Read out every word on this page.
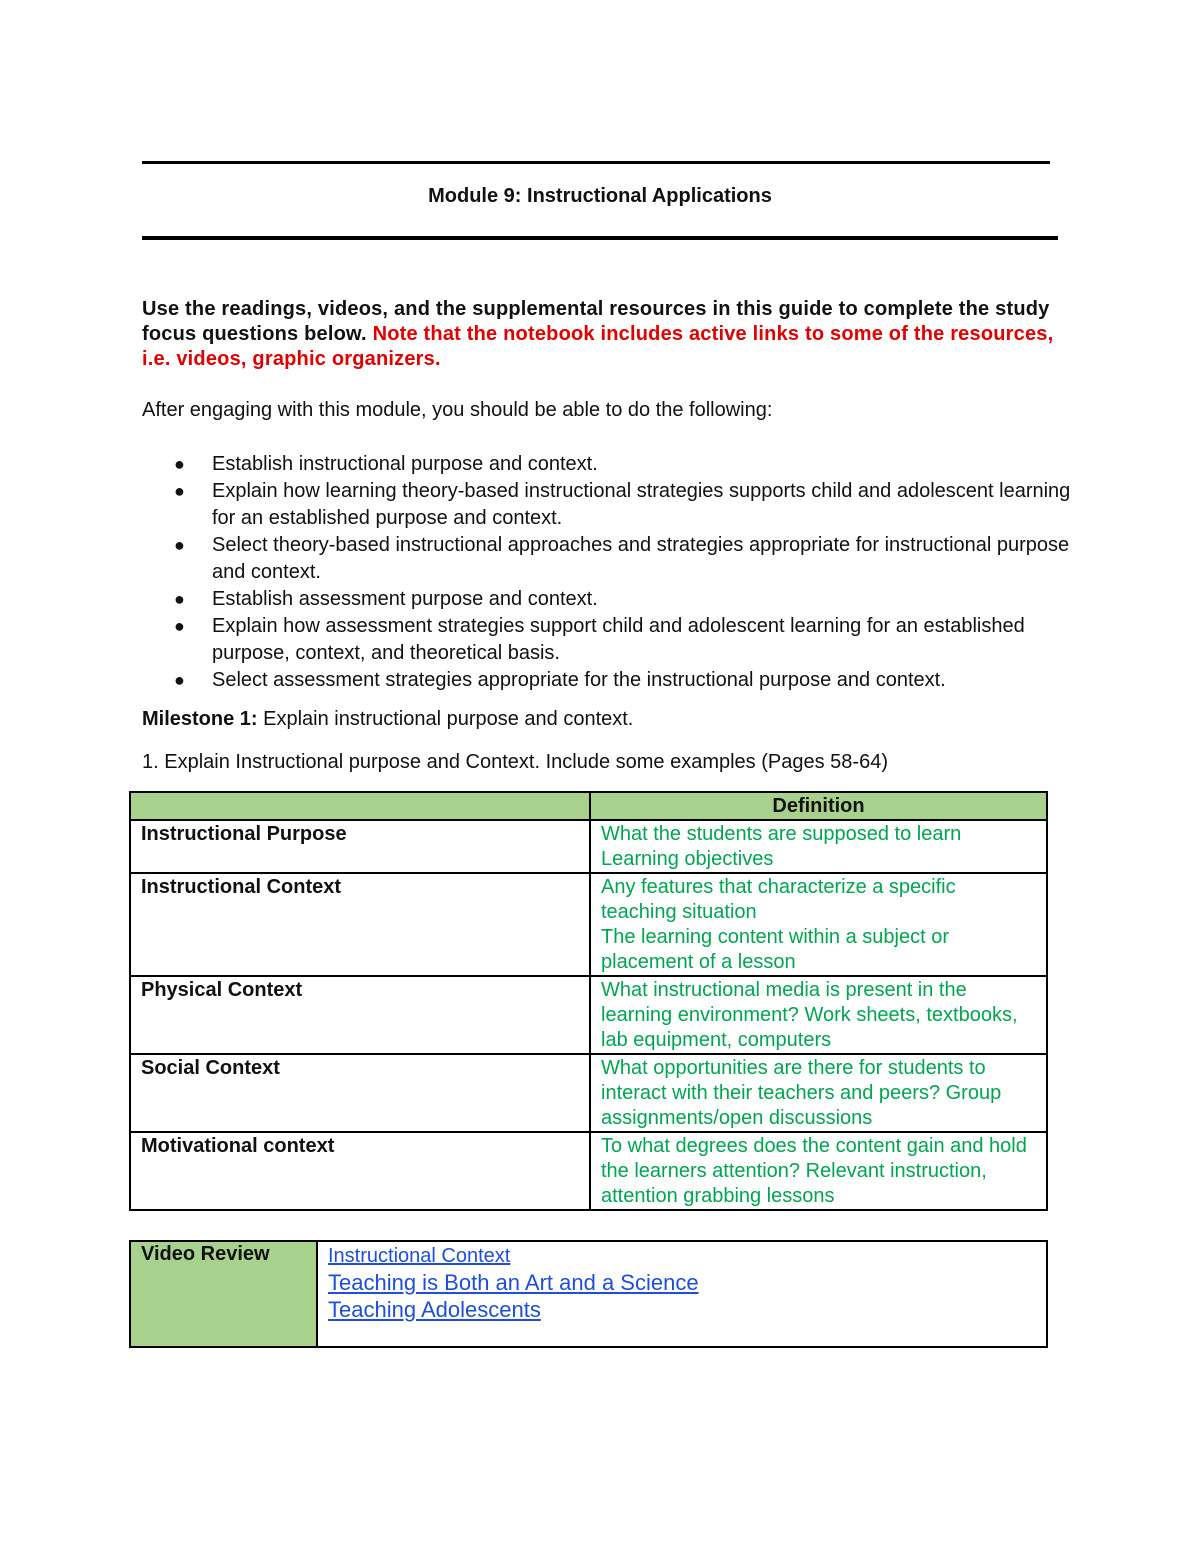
Module 9: Instructional Applications
Use the readings, videos, and the supplemental resources in this guide to complete the study focus questions below. Note that the notebook includes active links to some of the resources, i.e. videos, graphic organizers.
After engaging with this module, you should be able to do the following:
● Establish instructional purpose and context.
● Explain how learning theory-based instructional strategies supports child and adolescent learning for an established purpose and context.
● Select theory-based instructional approaches and strategies appropriate for instructional purpose and context.
● Establish assessment purpose and context.
● Explain how assessment strategies support child and adolescent learning for an established purpose, context, and theoretical basis.
● Select assessment strategies appropriate for the instructional purpose and context.
Milestone 1: Explain instructional purpose and context.
1. Explain Instructional purpose and Context. Include some examples (Pages 58-64)
	Definition
Instructional Purpose	What the students are supposed to learn
Learning objectives

Instructional Context	Any features that characterize a specific teaching situation
The learning content within a subject or placement of a lesson

Physical Context	What instructional media is present in the learning environment? Work sheets, textbooks, lab equipment, computers

Social Context	What opportunities are there for students to interact with their teachers and peers? Group assignments/open discussions

Motivational context	To what degrees does the content gain and hold the learners attention? Relevant instruction, attention grabbing lessons
Video Review	Instructional Context
Teaching is Both an Art and a Science
Teaching Adolescents
